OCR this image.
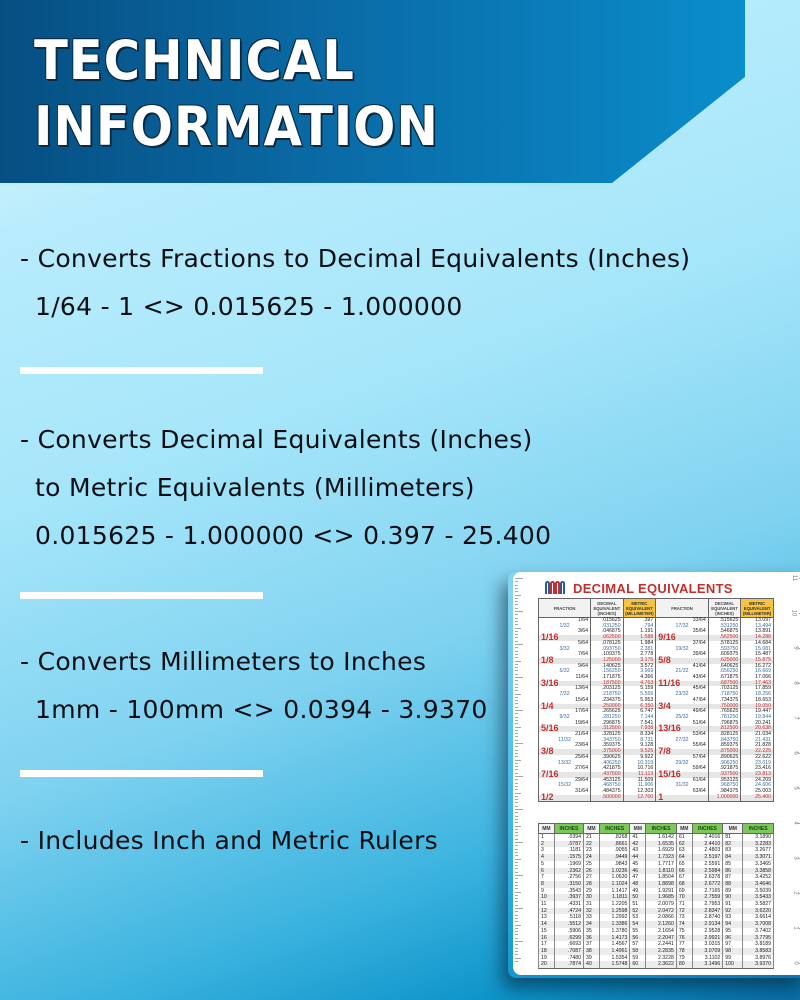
TECHNICAL
INFORMATION
- Converts Fractions to Decimal Equivalents (Inches)
1/64 - 1 <> 0.015625 - 1.000000
- Converts Decimal Equivalents (Inches)
to Metric Equivalents (Millimeters)
0.015625 - 1.000000 <> 0.397 - 25.400
- Converts Millimeters to Inches
1mm - 100mm <> 0.0394 - 3.9370
- Includes Inch and Metric Rulers
11
10
9
8
7
6
5
4
3
2
1
0
DECIMAL EQUIVALENTS
FRACTION	DECIMAL EQUIVALENT (INCHES)	METRIC EQUIVALENT (MILLIMETER)	FRACTION	DECIMAL EQUIVALENT (INCHES)	METRIC EQUIVALENT (MILLIMETER)
1/64	.015625	.397	33/64	.515625	13.097
1/32	.031250	.794	17/32	.531250	13.494
3/64	.046875	1.191	35/64	.546875	13.891
1/16	.062500	1.588	9/16	.562500	14.288
5/64	.078125	1.984	37/64	.578125	14.684
3/32	.093750	2.381	19/32	.593750	15.081
7/64	.109375	2.778	39/64	.609375	15.487
1/8	.125000	3.175	5/8	.625000	15.875
9/64	.140625	3.572	41/64	.640625	16.272
5/32	.156250	3.969	21/32	.656250	16.669
11/64	.171875	4.366	43/64	.671875	17.066
3/16	.187500	4.763	11/16	.687500	17.463
13/64	.203125	5.159	45/64	.703125	17.859
7/32	.218750	5.556	23/32	.718750	18.256
15/64	.234375	5.953	47/64	.734375	18.653
1/4	.250000	6.350	3/4	.750000	19.050
17/64	.265625	6.747	49/64	.765625	19.447
9/32	.281250	7.144	25/32	.781250	19.844
19/64	.296875	7.541	51/64	.796875	20.241
5/16	.312500	7.938	13/16	.812500	20.638
21/64	.328125	8.334	53/64	.828125	21.034
11/32	.343750	8.731	27/32	.843750	21.431
23/64	.359375	9.128	55/64	.859375	21.828
3/8	.375000	9.525	7/8	.875000	22.225
25/64	.390625	9.922	57/64	.890625	22.622
13/32	.406250	10.319	29/32	.906250	23.019
27/64	.421875	10.716	59/64	.921875	23.416
7/16	.437500	11.113	15/16	.937500	23.813
29/64	.453125	11.509	61/64	.953125	24.209
15/32	.468750	11.906	31/32	.968750	24.606
31/64	.484375	12.303	63/64	.984375	25.003
1/2	.500000	12.700	1	1.000000	25.400
MM	INCHES	MM	INCHES	MM	INCHES	MM	INCHES	MM	INCHES
1	.0394	21	.8268	41	1.6142	61	2.4016	81	3.1890
2	.0787	22	.8661	42	1.6535	62	2.4410	82	3.2283
3	.1181	23	.9055	43	1.6929	63	2.4803	83	3.2677
4	.1575	24	.9449	44	1.7323	64	2.5197	84	3.3071
5	.1969	25	.9843	45	1.7717	65	2.5591	85	3.3465
6	.2362	26	1.0236	46	1.8110	66	2.5984	86	3.3858
7	.2756	27	1.0630	47	1.8504	67	2.6378	87	3.4252
8	.3150	28	1.1024	48	1.8898	68	2.6772	88	3.4646
9	.3543	29	1.1417	49	1.9291	69	2.7165	89	3.5039
10	.3937	30	1.1811	50	1.9685	70	2.7559	90	3.5433
11	.4331	31	1.2205	51	2.0079	71	2.7953	91	3.5827
12	.4724	32	1.2598	52	2.0472	72	2.8347	92	3.6220
13	.5118	33	1.2992	53	2.0866	73	2.8740	93	3.6614
14	.5512	34	1.3386	54	2.1260	74	2.9134	94	3.7008
15	.5906	35	1.3780	55	2.1654	75	2.9528	95	3.7402
16	.6299	36	1.4173	56	2.2047	76	2.9921	96	3.7795
17	.6693	37	1.4567	57	2.2441	77	3.0315	97	3.8189
18	.7087	38	1.4961	58	2.2835	78	3.0709	98	3.8583
19	.7480	39	1.5354	59	2.3228	79	3.1102	99	3.8976
20	.7874	40	1.5748	60	2.3622	80	3.1496	100	3.9370
